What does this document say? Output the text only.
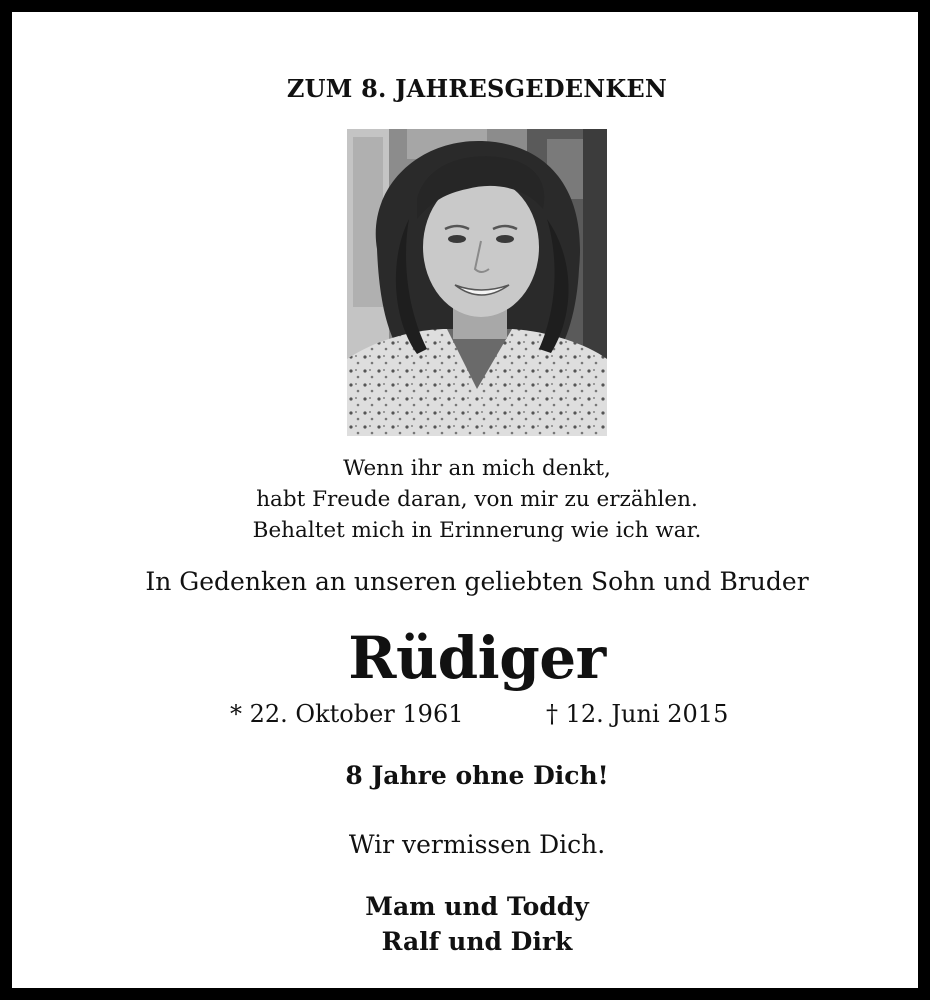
ZUM 8. JAHRESGEDENKEN
Wenn ihr an mich denkt,
habt Freude daran, von mir zu erzählen.
Behaltet mich in Erinnerung wie ich war.
In Gedenken an unseren geliebten Sohn und Bruder
Rüdiger
* 22. Oktober 1961	† 12. Juni 2015
8 Jahre ohne Dich!
Wir vermissen Dich.
Mam und Toddy
Ralf und Dirk
